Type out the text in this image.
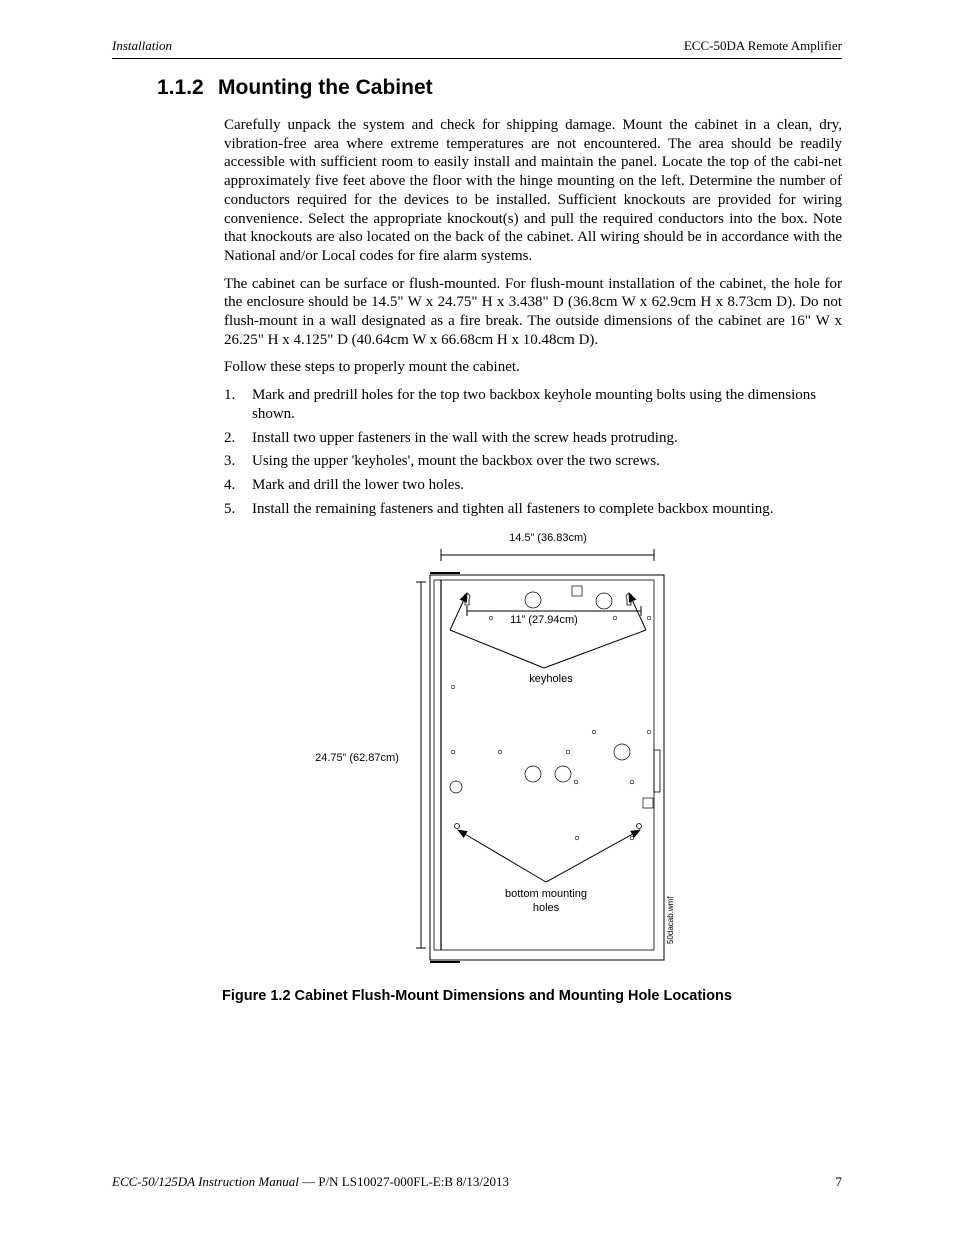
Installation	ECC-50DA Remote Amplifier
1.1.2 Mounting the Cabinet

Carefully unpack the system and check for shipping damage. Mount the cabinet in a clean, dry, vibration-free area where extreme temperatures are not encountered. The area should be readily accessible with sufficient room to easily install and maintain the panel. Locate the top of the cabi-net approximately five feet above the floor with the hinge mounting on the left. Determine the number of conductors required for the devices to be installed. Sufficient knockouts are provided for wiring convenience. Select the appropriate knockout(s) and pull the required conductors into the box. Note that knockouts are also located on the back of the cabinet. All wiring should be in accordance with the National and/or Local codes for fire alarm systems.

The cabinet can be surface or flush-mounted. For flush-mount installation of the cabinet, the hole for the enclosure should be 14.5" W x 24.75" H x 3.438" D (36.8cm W x 62.9cm H x 8.73cm D). Do not flush-mount in a wall designated as a fire break. The outside dimensions of the cabinet are 16" W x 26.25" H x 4.125" D (40.64cm W x 66.68cm H x 10.48cm D).

Follow these steps to properly mount the cabinet.

1. Mark and predrill holes for the top two backbox keyhole mounting bolts using the dimensions shown.
2. Install two upper fasteners in the wall with the screw heads protruding.
3. Using the upper 'keyholes', mount the backbox over the two screws.
4. Mark and drill the lower two holes.
5. Install the remaining fasteners and tighten all fasteners to complete backbox mounting.
14.5” (36.83cm)
24.75” (62.87cm)
11” (27.94cm)
keyholes
bottom mounting
holes	50dacab.wmf
Figure 1.2 Cabinet Flush-Mount Dimensions and Mounting Hole Locations
ECC-50/125DA Instruction Manual — P/N LS10027-000FL-E:B 8/13/2013	7
